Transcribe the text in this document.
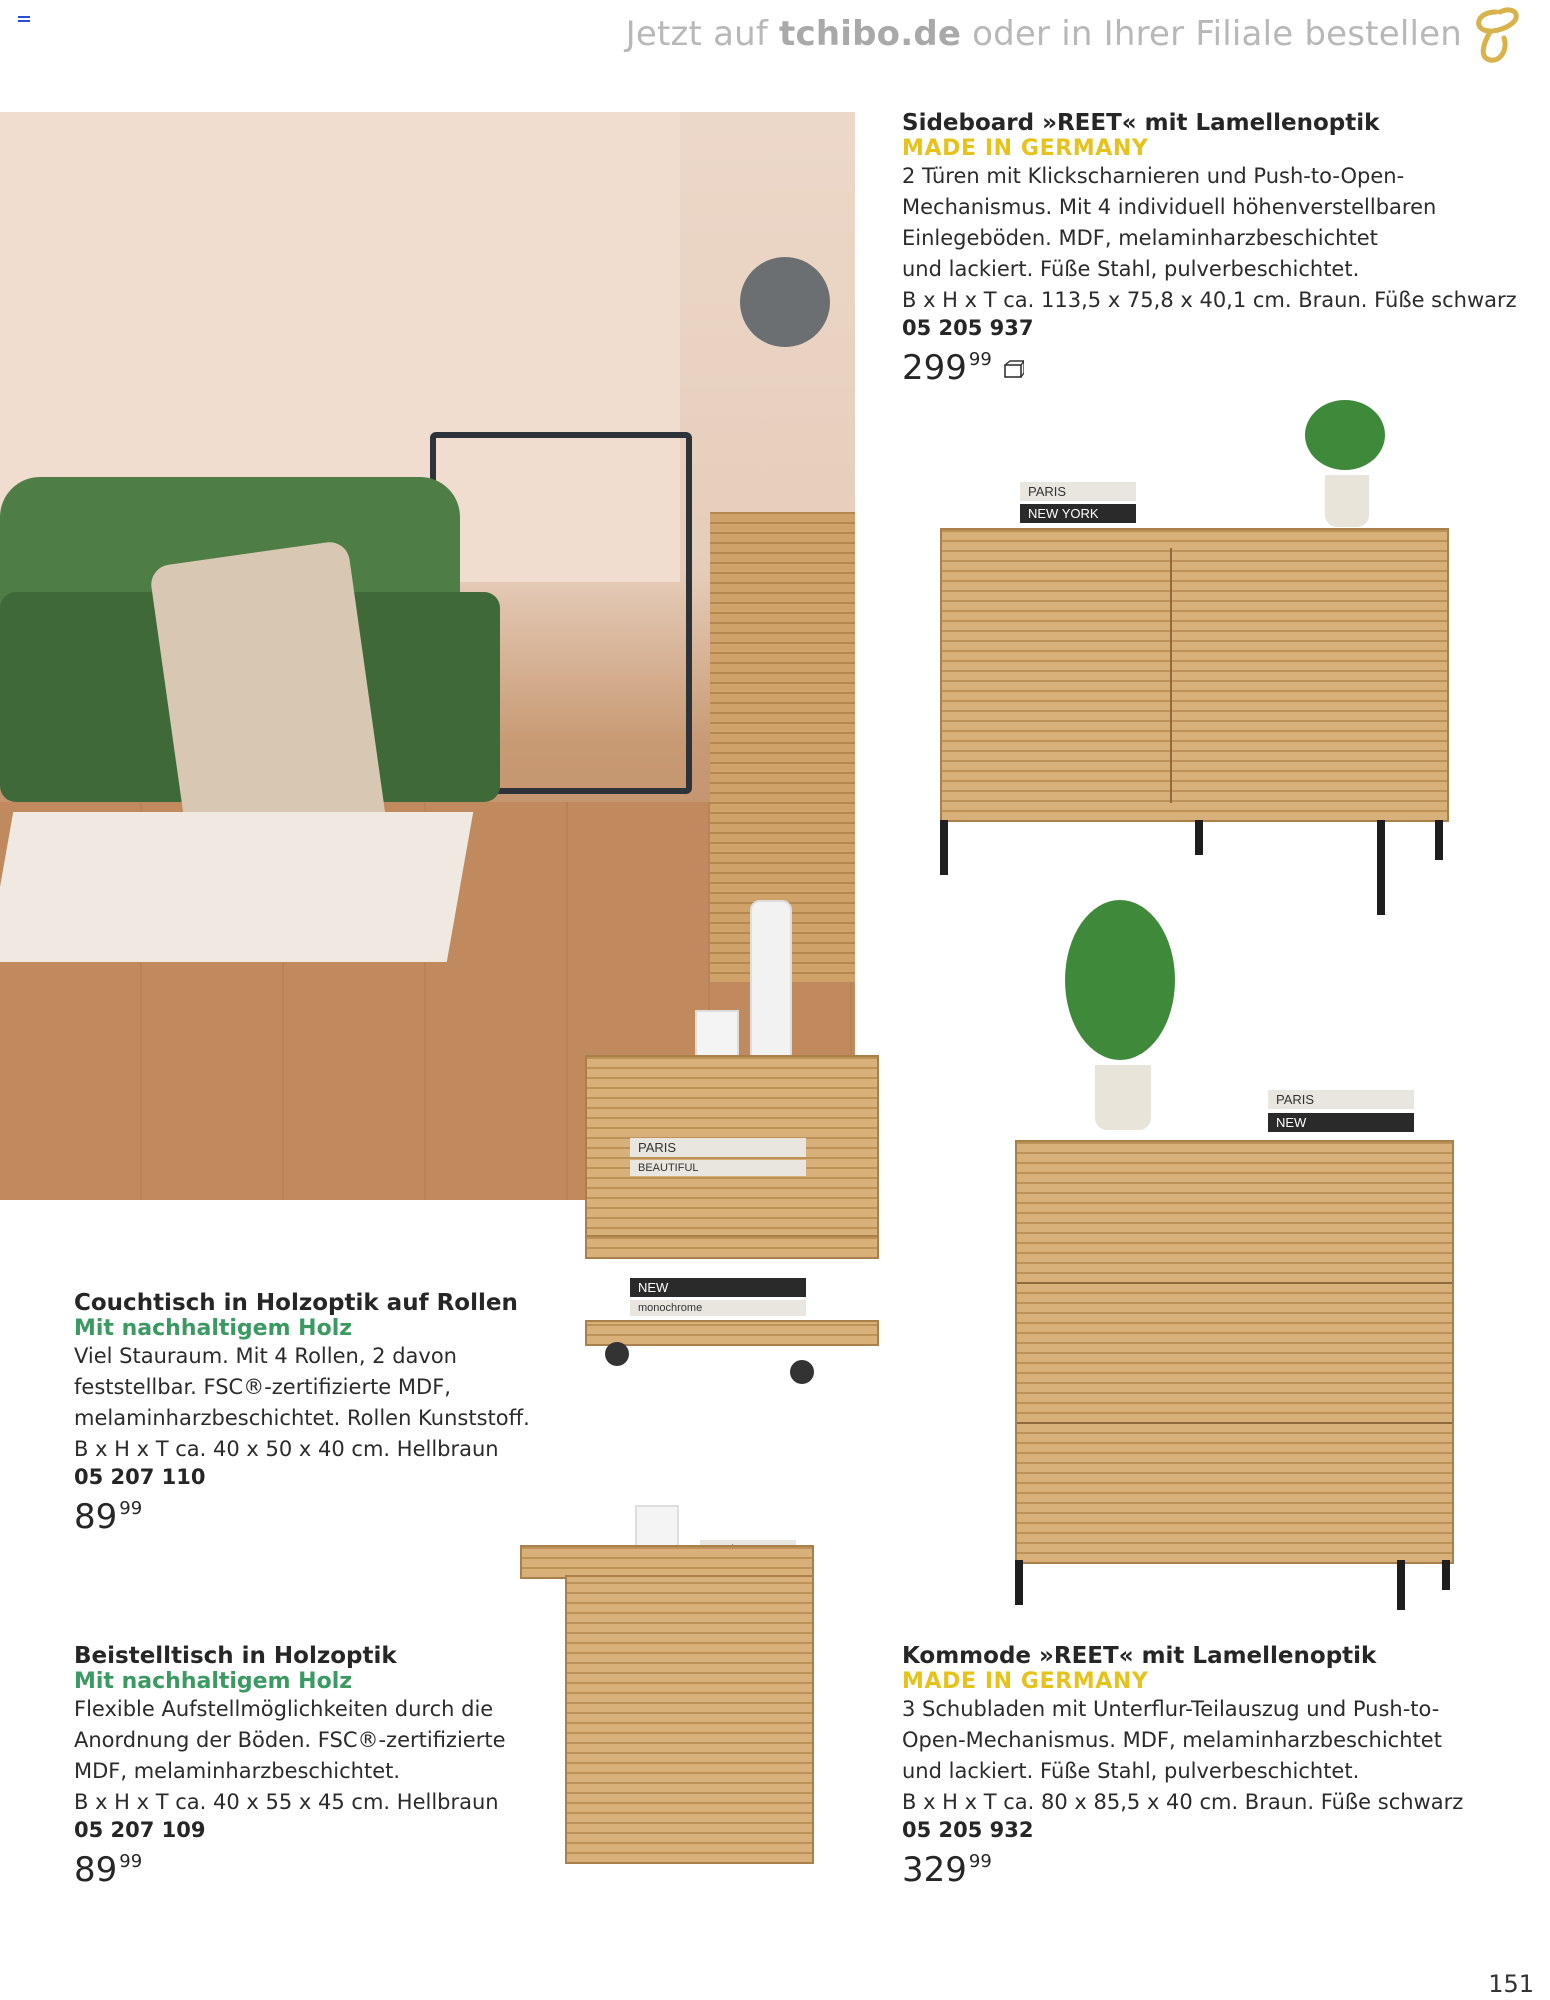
Jetzt auf tchibo.de oder in Ihrer Filiale bestellen
PARIS
NEW YORK
PARIS
BEAUTIFUL
NEW
monochrome
PARIS
NEW
Sideboard »REET« mit Lamellenoptik
MADE IN GERMANY
2 Türen mit Klickscharnieren und Push-to-Open-
Mechanismus. Mit 4 individuell höhenverstellbaren
Einlegeböden. MDF, melaminharzbeschichtet
und lackiert. Füße Stahl, pulverbeschichtet.
B x H x T ca. 113,5 x 75,8 x 40,1 cm. Braun. Füße schwarz
05 205 937
299 $^{99}$
Couchtisch in Holzoptik auf Rollen
Mit nachhaltigem Holz
Viel Stauraum. Mit 4 Rollen, 2 davon
feststellbar. FSC®-zertifizierte MDF,
melaminharzbeschichtet. Rollen Kunststoff.
B x H x T ca. 40 x 50 x 40 cm. Hellbraun
05 207 110
89 $^{99}$
Beistelltisch in Holzoptik
Mit nachhaltigem Holz
Flexible Aufstellmöglichkeiten durch die
Anordnung der Böden. FSC®-zertifizierte
MDF, melaminharzbeschichtet.
B x H x T ca. 40 x 55 x 45 cm. Hellbraun
05 207 109
89 $^{99}$
Kommode »REET« mit Lamellenoptik
MADE IN GERMANY
3 Schubladen mit Unterflur-Teilauszug und Push-to-
Open-Mechanismus. MDF, melaminharzbeschichtet
und lackiert. Füße Stahl, pulverbeschichtet.
B x H x T ca. 80 x 85,5 x 40 cm. Braun. Füße schwarz
05 205 932
329 $^{99}$
151
